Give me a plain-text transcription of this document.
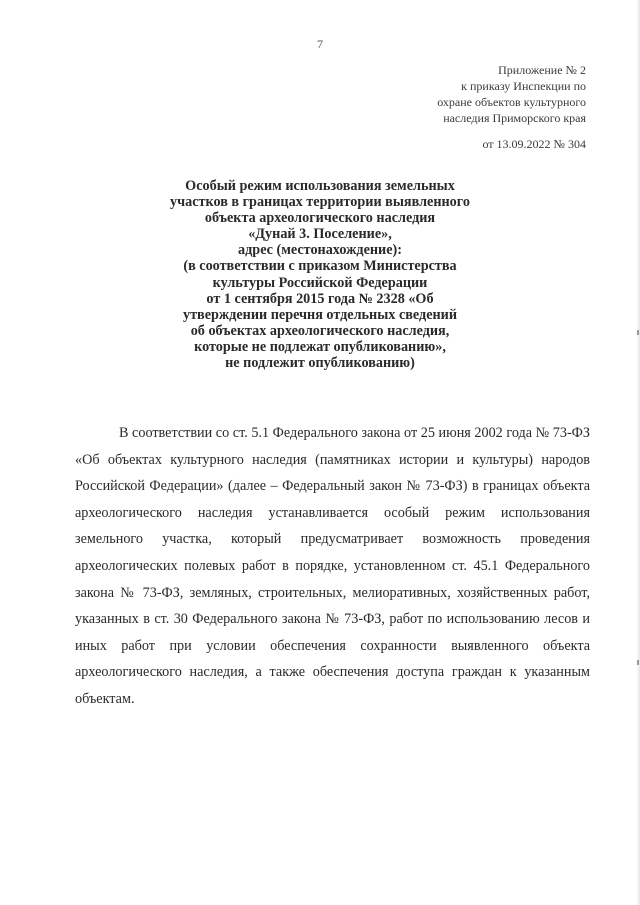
7
Приложение № 2
к приказу Инспекции по
охране объектов культурного
наследия Приморского края
от 13.09.2022 № 304
Особый режим использования земельных
участков в границах территории выявленного
объекта археологического наследия
«Дунай 3. Поселение»,
адрес (местонахождение):
(в соответствии с приказом Министерства
культуры Российской Федерации
от 1 сентября 2015 года № 2328 «Об
утверждении перечня отдельных сведений
об объектах археологического наследия,
которые не подлежат опубликованию»,
не подлежит опубликованию)
В соответствии со ст. 5.1 Федерального закона от 25 июня 2002 года № 73-ФЗ «Об объектах культурного наследия (памятниках истории и культуры) народов Российской Федерации» (далее – Федеральный закон № 73-ФЗ) в границах объекта археологического наследия устанавливается особый режим использования земельного участка, который предусматривает возможность проведения археологических полевых работ в порядке, установленном ст. 45.1 Федерального закона № 73-ФЗ, земляных, строительных, мелиоративных, хозяйственных работ, указанных в ст. 30 Федерального закона № 73-ФЗ, работ по использованию лесов и иных работ при условии обеспечения сохранности выявленного объекта археологического наследия, а также обеспечения доступа граждан к указанным объектам.
